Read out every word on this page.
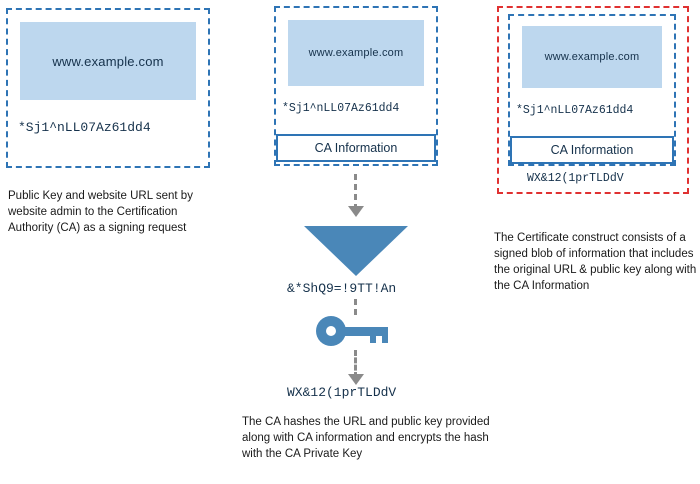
www.example.com
*Sj1^nLL07Az61dd4
Public Key and website URL sent by website admin to the Certification Authority (CA) as a signing request
www.example.com
*Sj1^nLL07Az61dd4
CA Information
&*ShQ9=!9TT!An
WX&12(1prTLDdV
The CA hashes the URL and public key provided along with CA information and encrypts the hash with the CA Private Key
www.example.com
*Sj1^nLL07Az61dd4
CA Information
WX&12(1prTLDdV
The Certificate construct consists of a signed blob of information that includes the original URL & public key along with the CA Information
